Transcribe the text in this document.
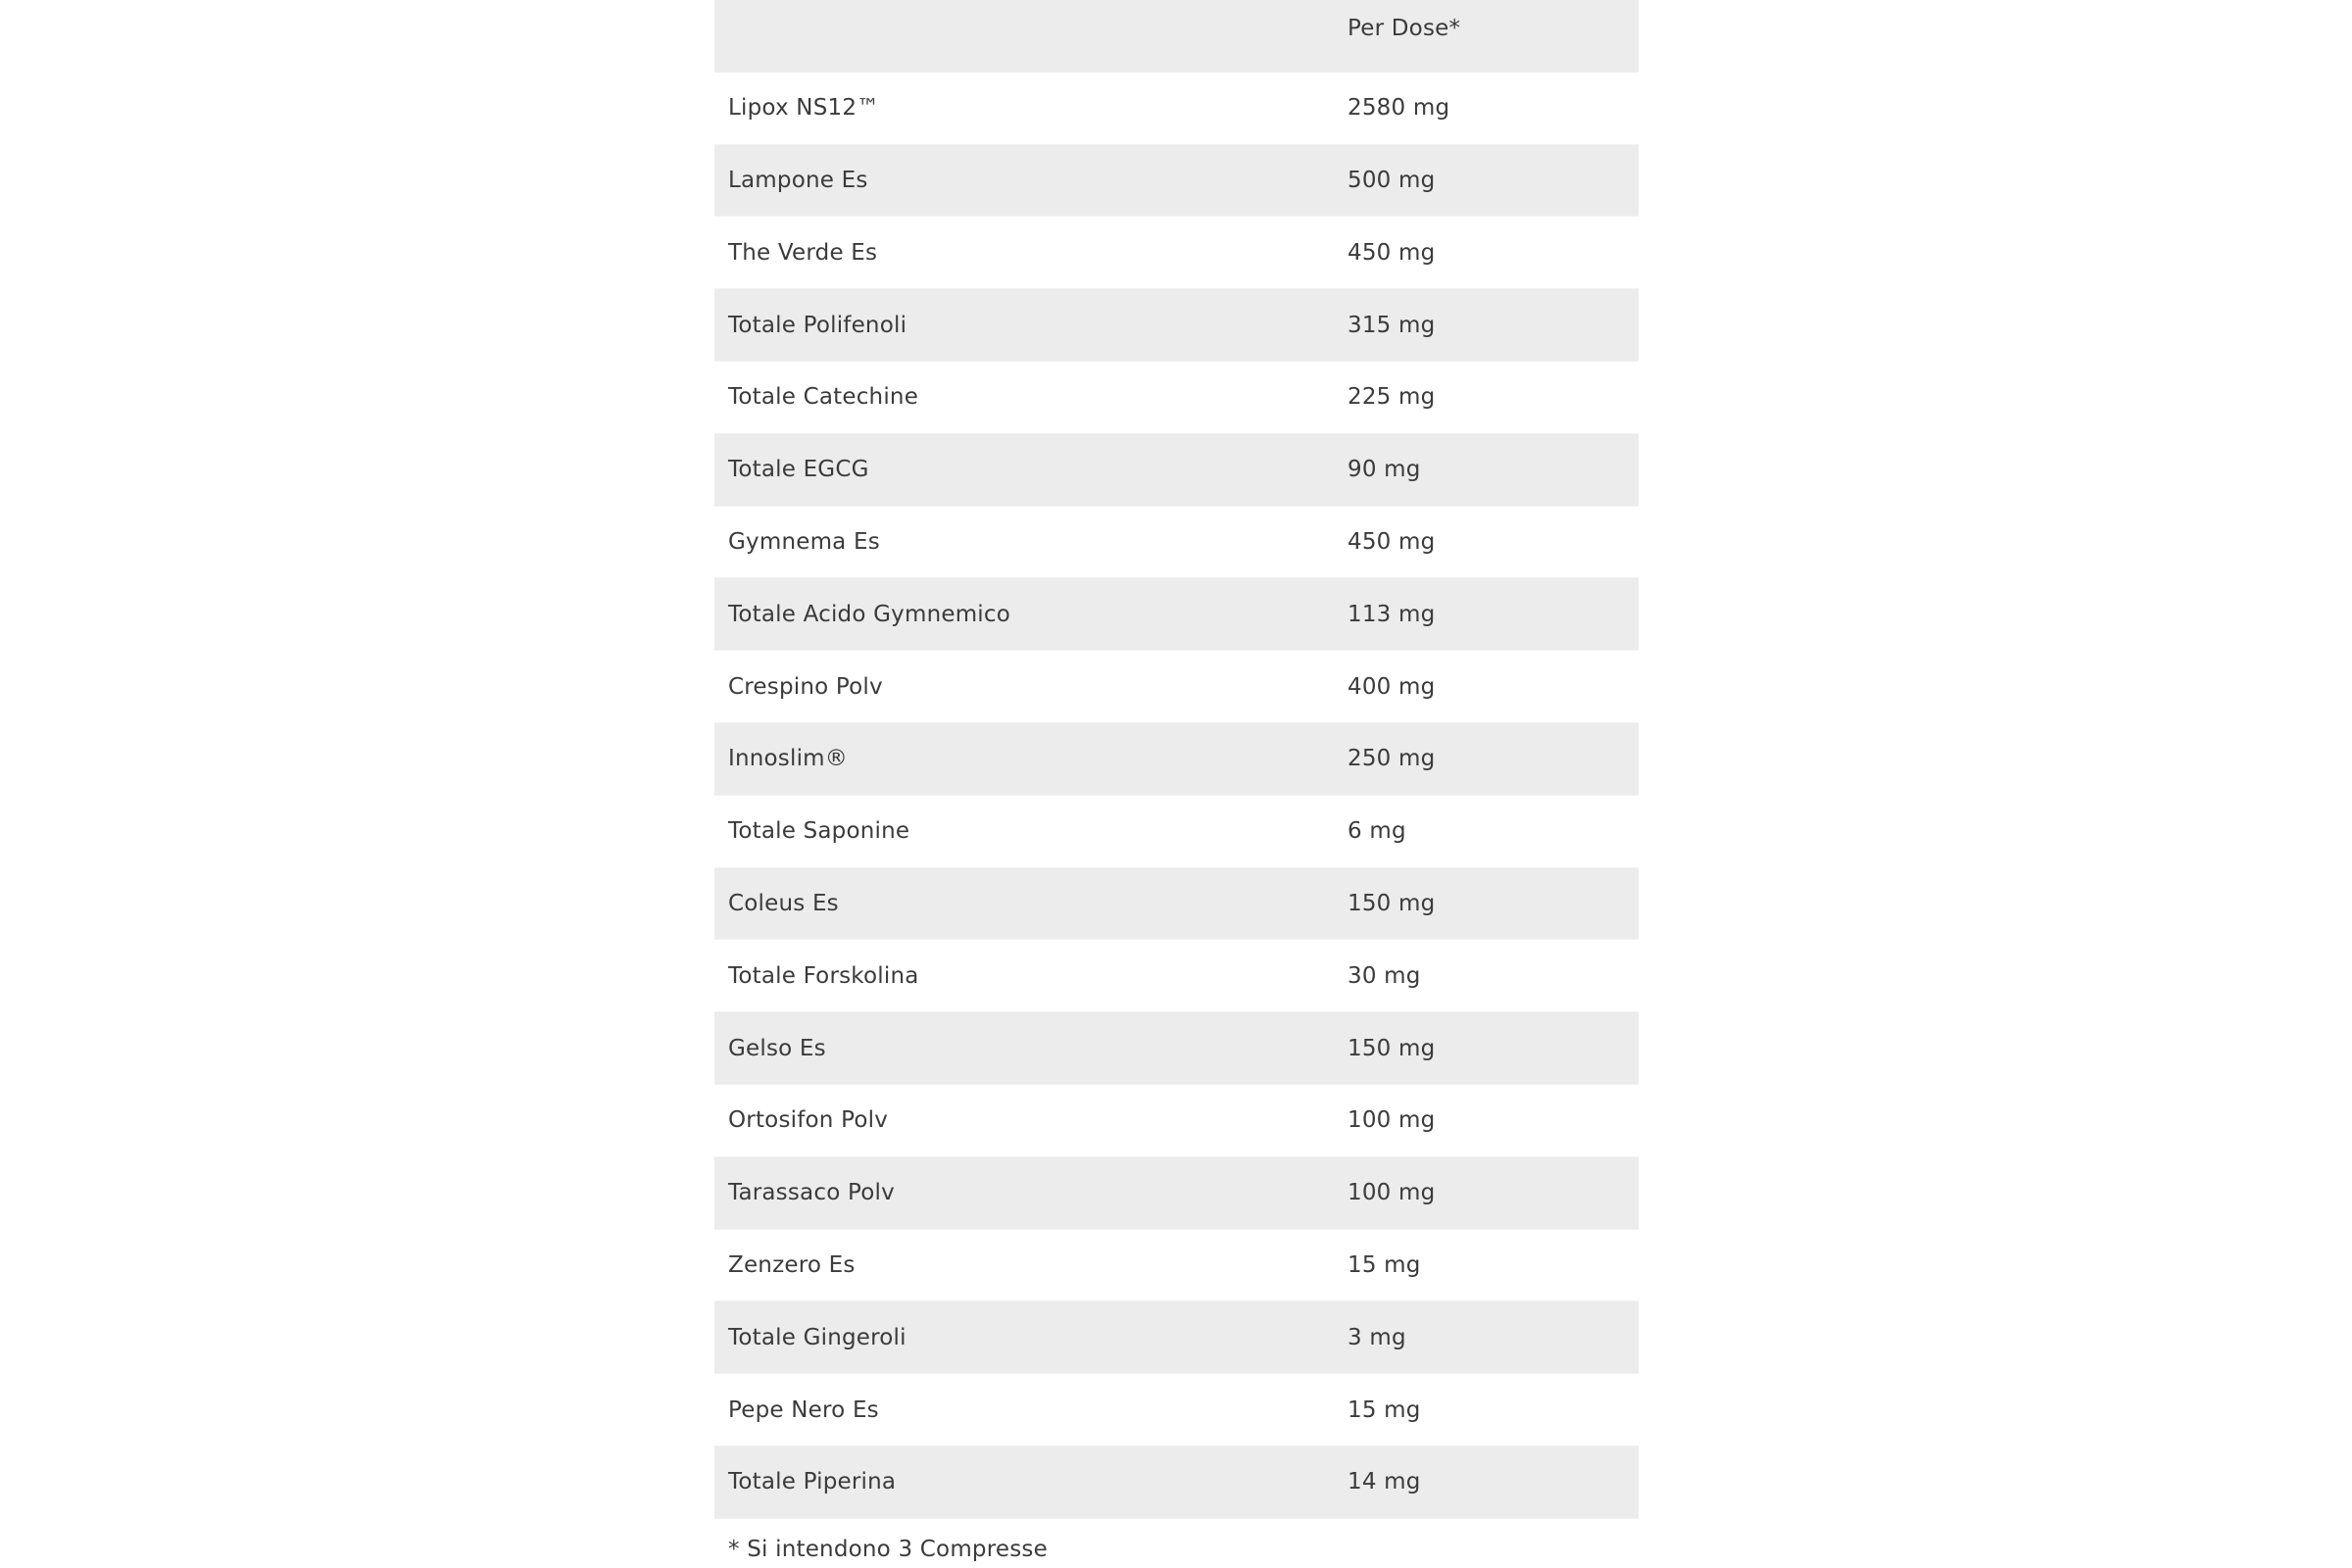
Per Dose*
Lipox NS12™	2580 mg
Lampone Es	500 mg
The Verde Es	450 mg
Totale Polifenoli	315 mg
Totale Catechine	225 mg
Totale EGCG	90 mg
Gymnema Es	450 mg
Totale Acido Gymnemico	113 mg
Crespino Polv	400 mg
Innoslim®	250 mg
Totale Saponine	6 mg
Coleus Es	150 mg
Totale Forskolina	30 mg
Gelso Es	150 mg
Ortosifon Polv	100 mg
Tarassaco Polv	100 mg
Zenzero Es	15 mg
Totale Gingeroli	3 mg
Pepe Nero Es	15 mg
Totale Piperina	14 mg
* Si intendono 3 Compresse
